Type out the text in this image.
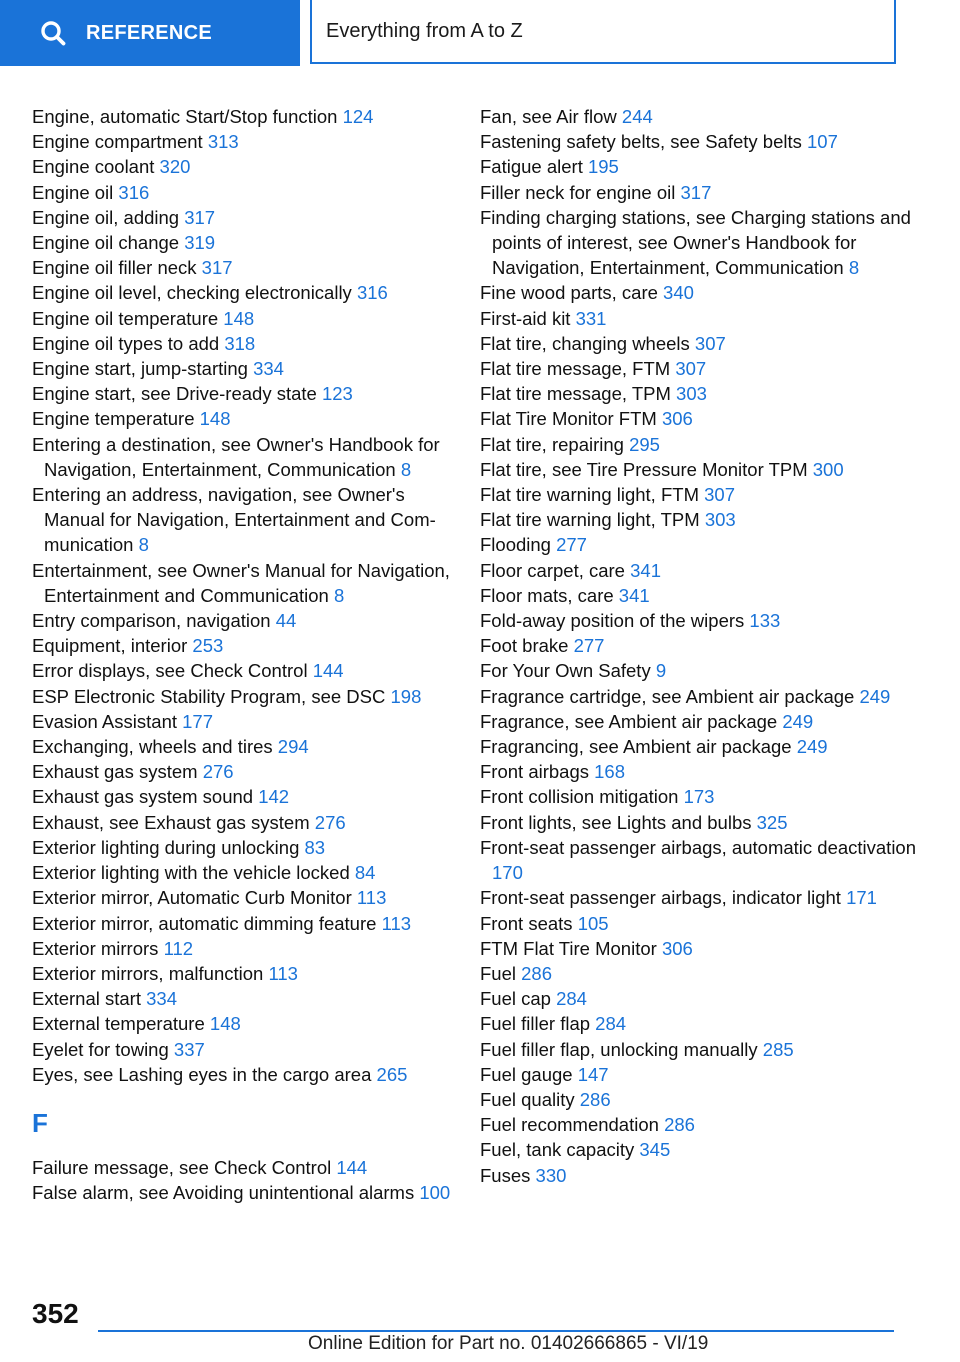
REFERENCE	Everything from A to Z
Engine, automatic Start/Stop function 124
Engine compartment 313
Engine coolant 320
Engine oil 316
Engine oil, adding 317
Engine oil change 319
Engine oil filler neck 317
Engine oil level, checking electronically 316
Engine oil temperature 148
Engine oil types to add 318
Engine start, jump-starting 334
Engine start, see Drive-ready state 123
Engine temperature 148
Entering a destination, see Owner's Handbook for Navigation, Entertainment, Communication 8
Entering an address, navigation, see Owner's Manual for Navigation, Entertainment and Communication 8
Entertainment, see Owner's Manual for Navigation, Entertainment and Communication 8
Entry comparison, navigation 44
Equipment, interior 253
Error displays, see Check Control 144
ESP Electronic Stability Program, see DSC 198
Evasion Assistant 177
Exchanging, wheels and tires 294
Exhaust gas system 276
Exhaust gas system sound 142
Exhaust, see Exhaust gas system 276
Exterior lighting during unlocking 83
Exterior lighting with the vehicle locked 84
Exterior mirror, Automatic Curb Monitor 113
Exterior mirror, automatic dimming feature 113
Exterior mirrors 112
Exterior mirrors, malfunction 113
External start 334
External temperature 148
Eyelet for towing 337
Eyes, see Lashing eyes in the cargo area 265
F
Failure message, see Check Control 144
False alarm, see Avoiding unintentional alarms 100
Fan, see Air flow 244
Fastening safety belts, see Safety belts 107
Fatigue alert 195
Filler neck for engine oil 317
Finding charging stations, see Charging stations and points of interest, see Owner's Handbook for Navigation, Entertainment, Communication 8
Fine wood parts, care 340
First-aid kit 331
Flat tire, changing wheels 307
Flat tire message, FTM 307
Flat tire message, TPM 303
Flat Tire Monitor FTM 306
Flat tire, repairing 295
Flat tire, see Tire Pressure Monitor TPM 300
Flat tire warning light, FTM 307
Flat tire warning light, TPM 303
Flooding 277
Floor carpet, care 341
Floor mats, care 341
Fold-away position of the wipers 133
Foot brake 277
For Your Own Safety 9
Fragrance cartridge, see Ambient air package 249
Fragrance, see Ambient air package 249
Fragrancing, see Ambient air package 249
Front airbags 168
Front collision mitigation 173
Front lights, see Lights and bulbs 325
Front-seat passenger airbags, automatic deactivation 170
Front-seat passenger airbags, indicator light 171
Front seats 105
FTM Flat Tire Monitor 306
Fuel 286
Fuel cap 284
Fuel filler flap 284
Fuel filler flap, unlocking manually 285
Fuel gauge 147
Fuel quality 286
Fuel recommendation 286
Fuel, tank capacity 345
Fuses 330
352
Online Edition for Part no. 01402666865 - VI/19
